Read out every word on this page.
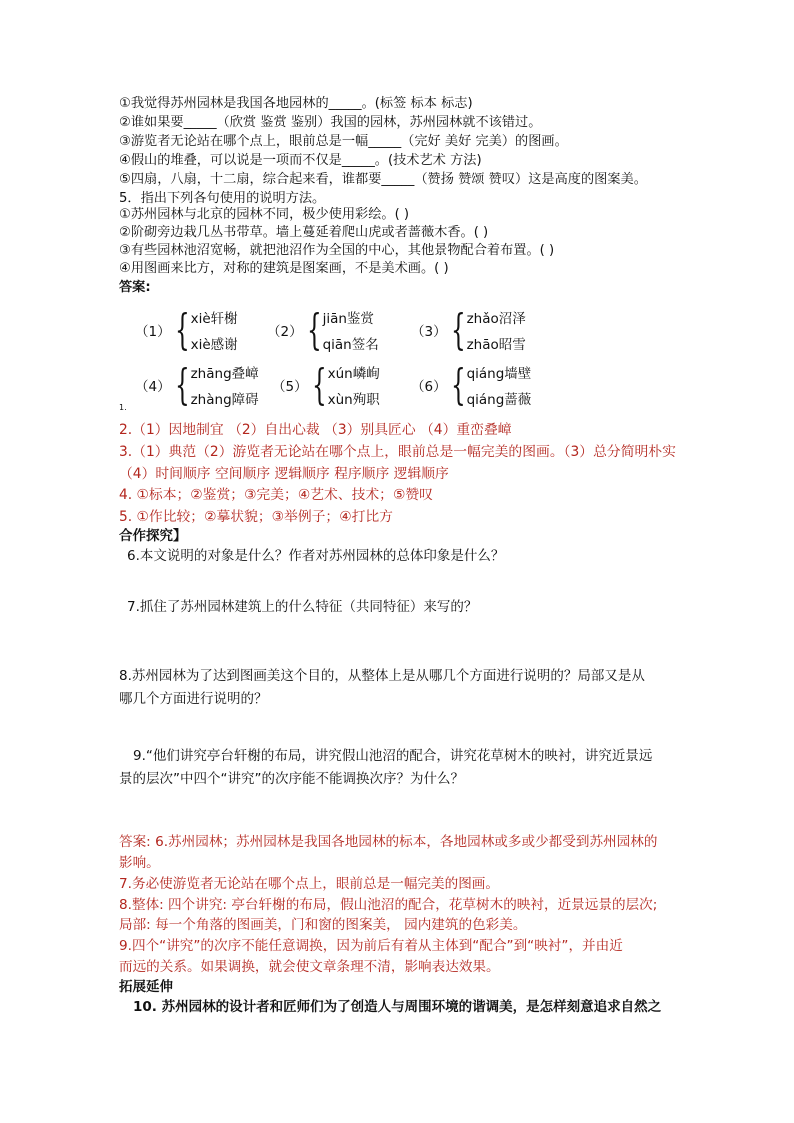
①我觉得苏州园林是我国各地园林的_____。(标签 标本 标志)
②谁如果要_____（欣赏 鉴赏 鉴别）我国的园林，苏州园林就不该错过。
③游览者无论站在哪个点上，眼前总是一幅_____（完好 美好 完美）的图画。
④假山的堆叠，可以说是一项而不仅是_____。(技术艺术 方法)
⑤四扇，八扇，十二扇，综合起来看，谁都要_____（赞扬 赞颂 赞叹）这是高度的图案美。
5．指出下列各句使用的说明方法。
①苏州园林与北京的园林不同，极少使用彩绘。( )
②阶砌旁边栽几丛书带草。墙上蔓延着爬山虎或者蔷薇木香。( )
③有些园林池沼宽畅，就把池沼作为全国的中心，其他景物配合着布置。( )
④用图画来比方，对称的建筑是图案画，不是美术画。( )
答案:
（1） { xiè轩榭
xiè感谢
（2） { jiān鉴赏
qiān签名
（3） { zhǎo沼泽
zhāo昭雪
（4） { zhāng叠嶂
zhàng障碍
（5） { xún嶙峋
xùn殉职
（6） { qiáng墙壁
qiáng蔷薇
1.
2.（1）因地制宜 （2）自出心裁 （3）别具匠心 （4）重峦叠嶂
3.（1）典范（2）游览者无论站在哪个点上，眼前总是一幅完美的图画。（3）总分简明朴实
（4）时间顺序 空间顺序 逻辑顺序 程序顺序 逻辑顺序
4. ①标本；②鉴赏；③完美；④艺术、技术；⑤赞叹
5. ①作比较；②摹状貌；③举例子；④打比方
合作探究】
6.本文说明的对象是什么？作者对苏州园林的总体印象是什么？
7.抓住了苏州园林建筑上的什么特征（共同特征）来写的？
8.苏州园林为了达到图画美这个目的，从整体上是从哪几个方面进行说明的？局部又是从
哪几个方面进行说明的？
9.“他们讲究亭台轩榭的布局，讲究假山池沼的配合，讲究花草树木的映衬，讲究近景远
景的层次”中四个“讲究”的次序能不能调换次序？为什么？
答案: 6.苏州园林；苏州园林是我国各地园林的标本，各地园林或多或少都受到苏州园林的
影响。
7.务必使游览者无论站在哪个点上，眼前总是一幅完美的图画。
8.整体: 四个讲究: 亭台轩榭的布局，假山池沼的配合，花草树木的映衬，近景远景的层次;
局部: 每一个角落的图画美，门和窗的图案美， 园内建筑的色彩美。
9.四个“讲究”的次序不能任意调换，因为前后有着从主体到“配合”到“映衬”，并由近
而远的关系。如果调换，就会使文章条理不清，影响表达效果。
拓展延伸
10. 苏州园林的设计者和匠师们为了创造人与周围环境的谐调美，是怎样刻意追求自然之
